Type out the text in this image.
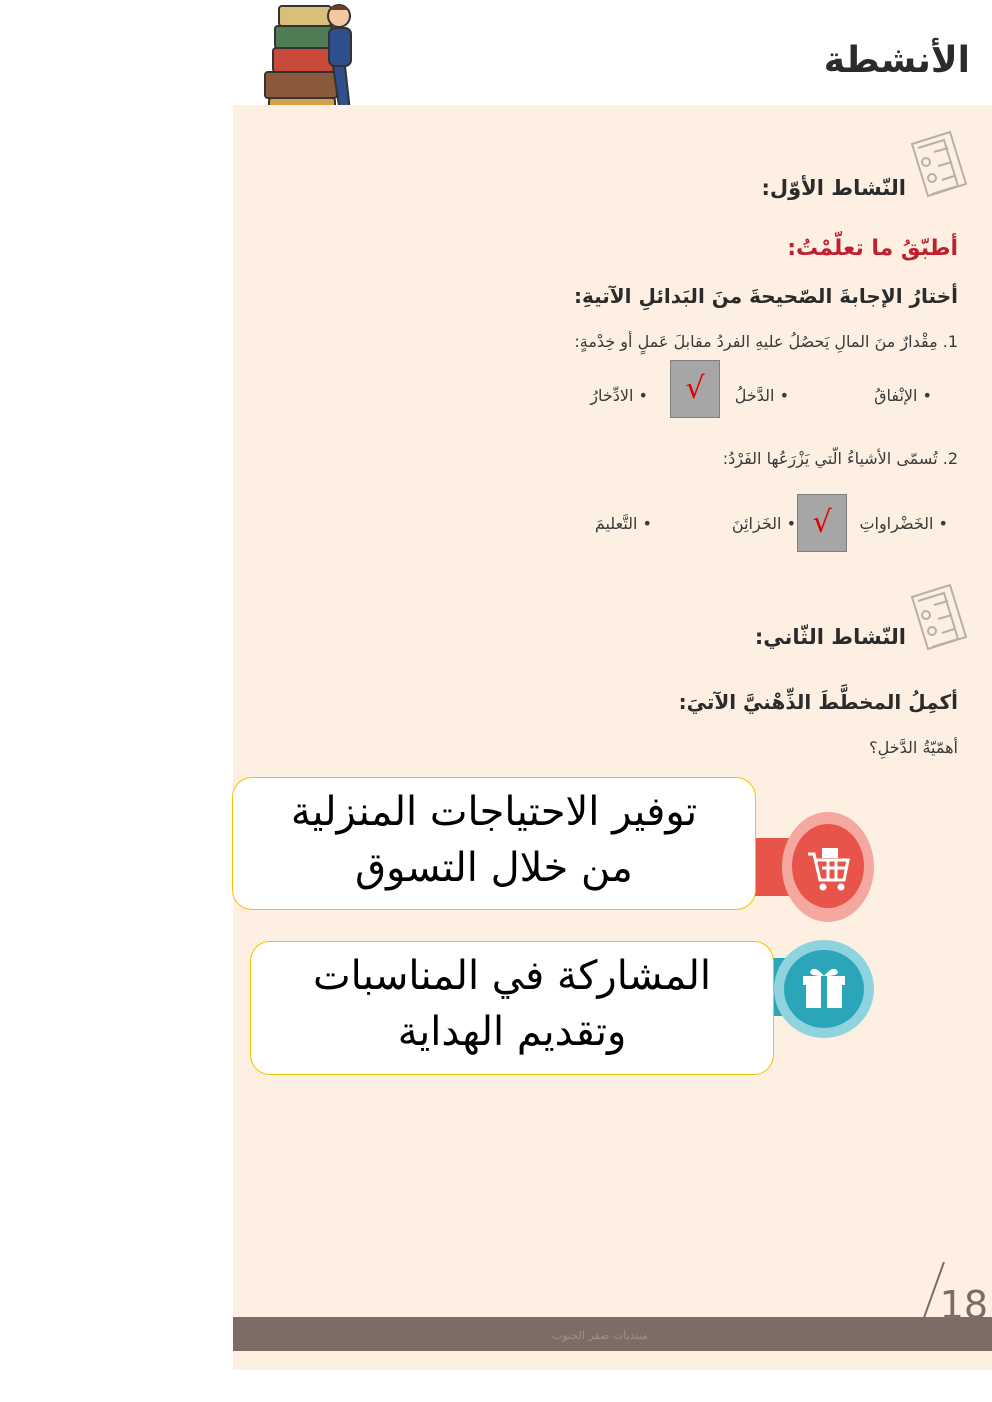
الأنشطة
النّشاط الأوّل:
أطبّقُ ما تعلّمْتُ:
أختارُ الإجابةَ الصّحيحةَ منَ البَدائلِ الآتيةِ:
1. مِقْدارٌ منَ المالِ يَحصُلُ عليهِ الفردُ مقابلَ عَملٍ أو خِدْمةٍ:
• الإنْفاقُ
• الدَّخلُ
• الادِّخارُ	√
2. تُسمّى الأشياءُ الّتي يَزْرَعُها الفَرْدُ:
• الخَضْراواتِ
• الخَزائِنَ
• التَّعليمَ	√
النّشاط الثّاني:
أكمِلُ المخطَّطَ الذِّهْنيَّ الآتيَ:
أهمّيّةُ الدَّخلِ؟
توفير الاحتياجات المنزلية
من خلال التسوق
المشاركة في المناسبات
وتقديم الهداية
منتديات صقر الجنوب
18
